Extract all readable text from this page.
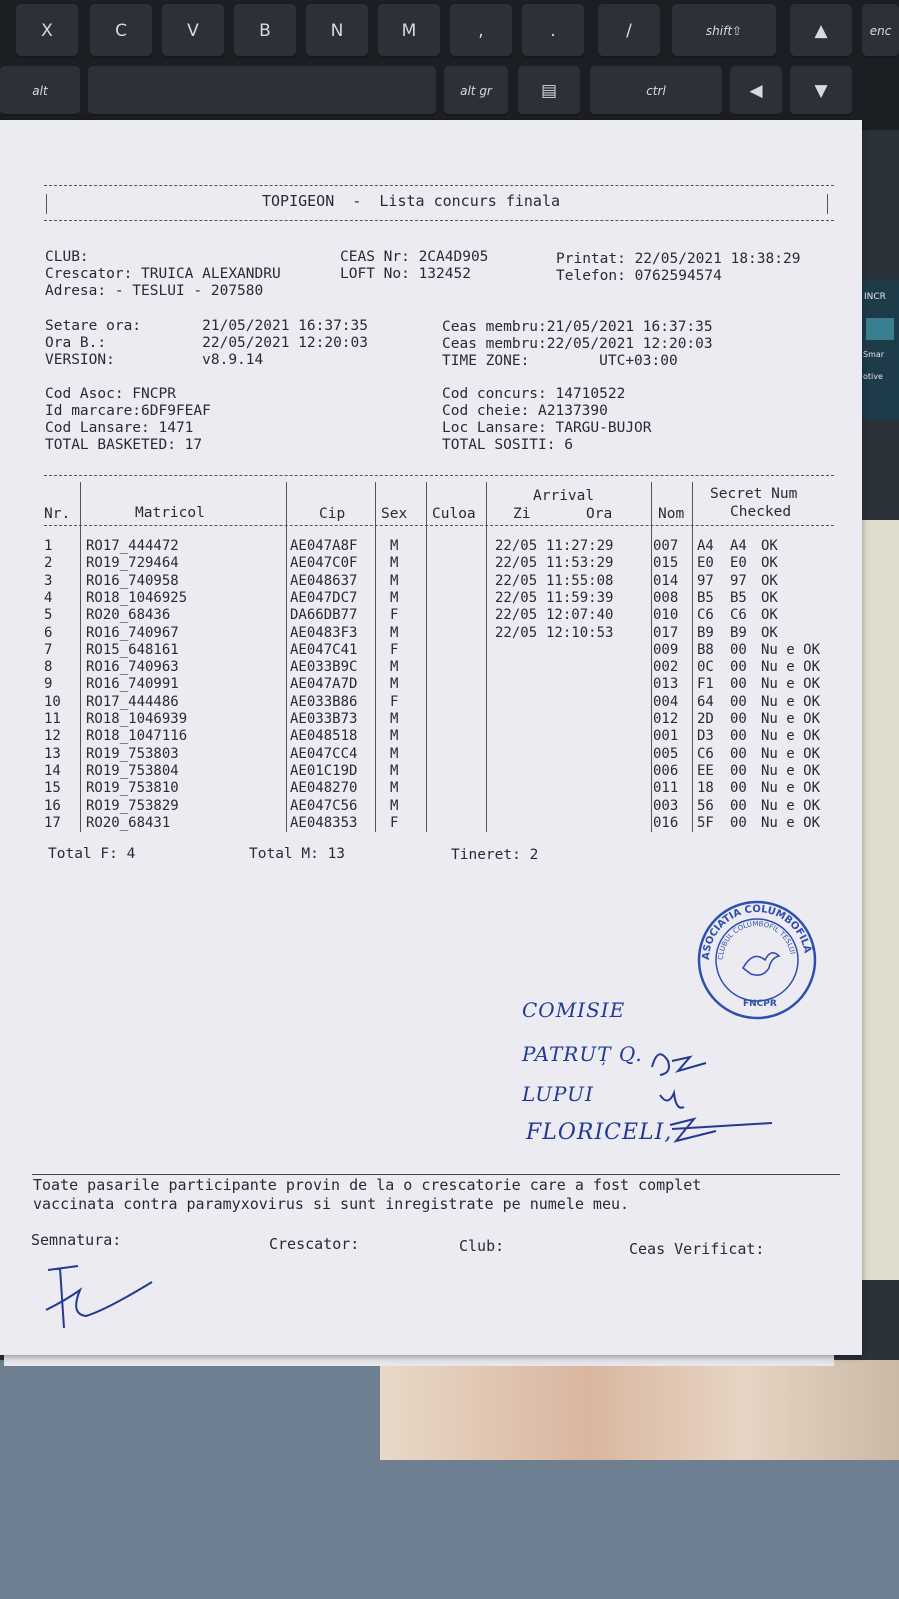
X	C	V	B	N	M	,	.	/	shift⇧	▲
alt	alt gr	▤	ctrl	◀	▼
enc
INCR
Smar
otive
TOPIGEON  -  Lista concurs finala
CLUB:
Crescator: TRUICA ALEXANDRU
Adresa: - TESLUI - 207580
CEAS Nr: 2CA4D905
LOFT No: 132452
Printat: 22/05/2021 18:38:29
Telefon: 0762594574
Setare ora:       21/05/2021 16:37:35
Ora B.:           22/05/2021 12:20:03
VERSION:          v8.9.14
Ceas membru:21/05/2021 16:37:35
Ceas membru:22/05/2021 12:20:03
TIME ZONE:        UTC+03:00
Cod Asoc: FNCPR
Id marcare:6DF9FEAF
Cod Lansare: 1471
TOTAL BASKETED: 17
Cod concurs: 14710522
Cod cheie: A2137390
Loc Lansare: TARGU-BUJOR
TOTAL SOSITI: 6
Arrival	Secret Num
Nr.	Matricol	Cip Sex Culoa	Zi	Ora	Nom	Checked
1 RO17_444472	AE047A8F M	22/05 11:27:29	007 A4 A4 OK
2 RO19_729464	AE047C0F M	22/05 11:53:29	015 E0 E0 OK
3 RO16_740958	AE048637 M	22/05 11:55:08	014 97 97 OK
4 RO18_1046925	AE047DC7 M	22/05 11:59:39	008 B5 B5 OK
5 RO20_68436	DA66DB77 F	22/05 12:07:40	010 C6 C6 OK
6 RO16_740967	AE0483F3 M	22/05 12:10:53	017 B9 B9 OK
7 RO15_648161	AE047C41 F	009 B8 00 Nu e OK
8 RO16_740963	AE033B9C M	002 0C 00 Nu e OK
9 RO16_740991	AE047A7D M	013 F1 00 Nu e OK
10 RO17_444486	AE033B86 F	004 64 00 Nu e OK
11 RO18_1046939	AE033B73 M	012 2D 00 Nu e OK
12 RO18_1047116	AE048518 M	001 D3 00 Nu e OK
13 RO19_753803	AE047CC4 M	005 C6 00 Nu e OK
14 RO19_753804	AE01C19D M	006 EE 00 Nu e OK
15 RO19_753810	AE048270 M	011 18 00 Nu e OK
16 RO19_753829	AE047C56 M	003 56 00 Nu e OK
17 RO20_68431	AE048353 F	016 5F 00 Nu e OK
Total F: 4	Total M: 13	Tineret: 2
ASOCIATIA COLUMBOFILĂ
CLUBUL COLUMBOFIL TESLUI
FNCPR
COMISIE
PATRUȚ Q.
LUPUI
FLORICELI,
Toate pasarile participante provin de la o crescatorie care a fost complet
vaccinata contra paramyxovirus si sunt inregistrate pe numele meu.
Semnatura:	Crescator:	Club:	Ceas Verificat:
